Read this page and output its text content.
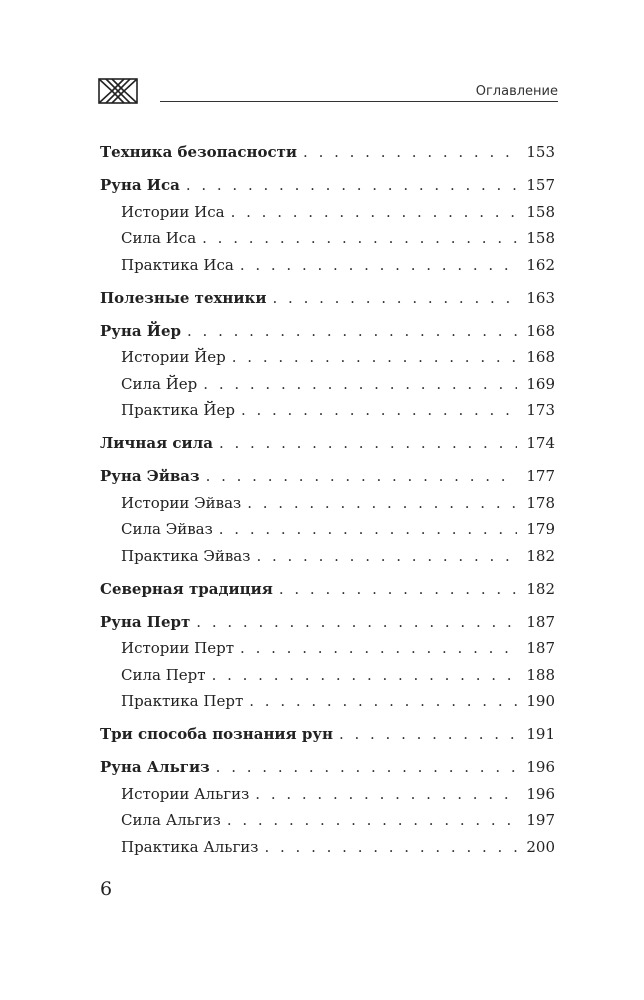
Оглавление
Техника безопасности . . .	153
Руна Иса . . .	157
Истории Иса . . .	158
Сила Иса . . .	158
Практика Иса . . .	162
Полезные техники . . .	163
Руна Йер . . .	168
Истории Йер . . .	168
Сила Йер . . .	169
Практика Йер . . .	173
Личная сила . . .	174
Руна Эйваз . . .	177
Истории Эйваз . . .	178
Сила Эйваз . . .	179
Практика Эйваз . . .	182
Северная традиция . . .	182
Руна Перт . . .	187
Истории Перт . . .	187
Сила Перт . . .	188
Практика Перт . . .	190
Три способа познания рун . . .	191
Руна Альгиз . . .	196
Истории Альгиз . . .	196
Сила Альгиз . . .	197
Практика Альгиз . . .	200
6
